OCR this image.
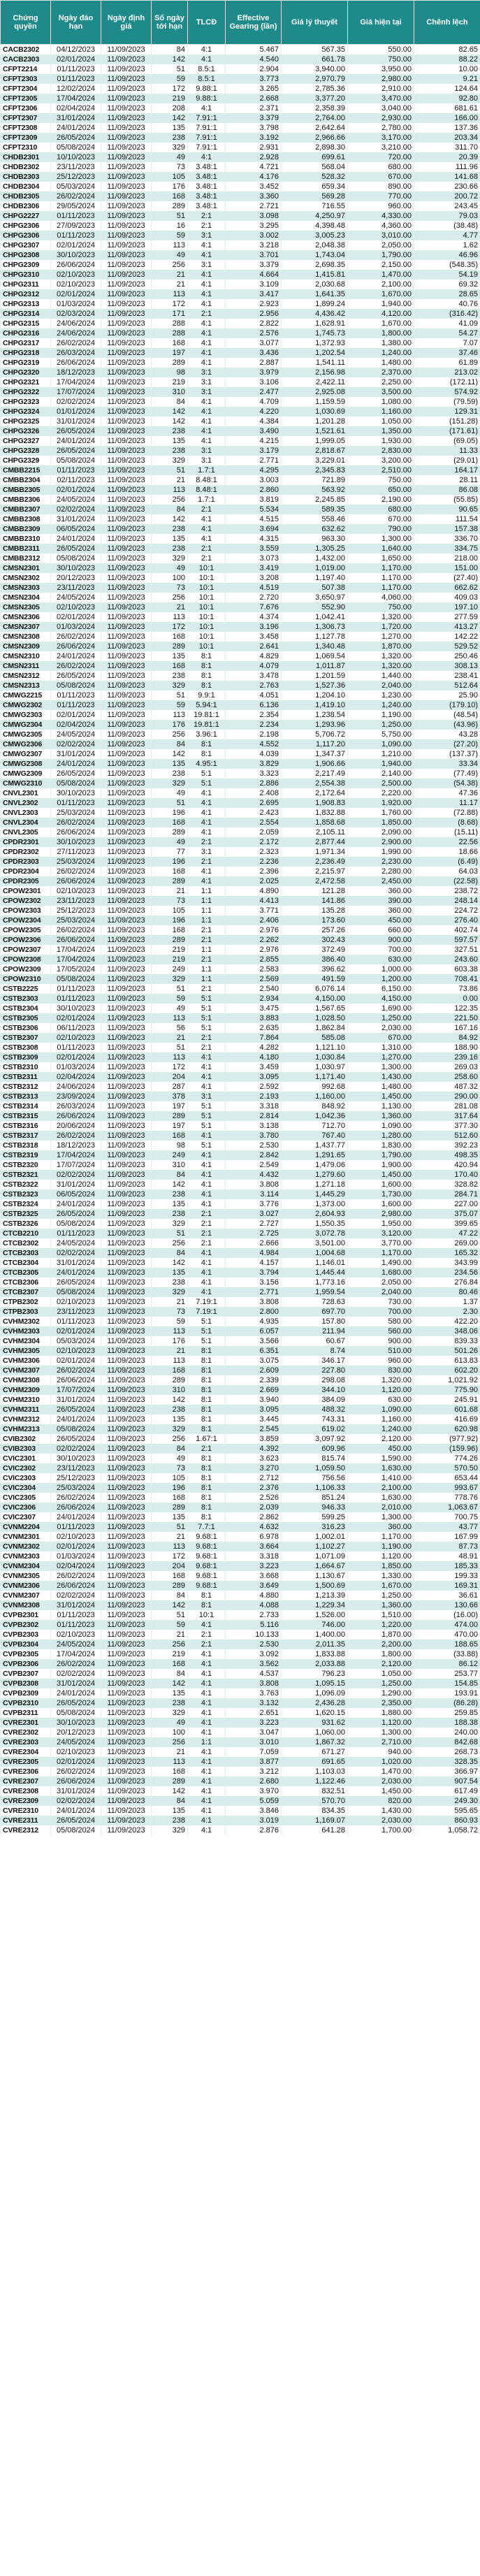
Chứng quyền	Ngày đáo hạn	Ngày định giá	Số ngày tới hạn	TLCĐ	Effective Gearing (lần)	Giá lý thuyết	Giá hiện tại	Chênh lệch
CACB2302	04/12/2023	11/09/2023	84	4:1	5.467	567.35	550.00	82.65
CACB2303	02/01/2024	11/09/2023	142	4:1	4.540	661.78	750.00	88.22
CFPT2214	01/11/2023	11/09/2023	51	8.5:1	2.904	3,940.00	3,950.00	10.00
CFPT2303	01/11/2023	11/09/2023	59	8.5:1	3.773	2,970.79	2,980.00	9.21
CFPT2304	12/02/2024	11/09/2023	172	9.88:1	3.265	2,785.36	2,910.00	124.64
CFPT2305	17/04/2024	11/09/2023	219	9.88:1	2.668	3,377.20	3,470.00	92.80
CFPT2306	02/04/2024	11/09/2023	208	4:1	2.371	2,358.39	3,040.00	681.61
CFPT2307	31/01/2024	11/09/2023	142	7.91:1	3.379	2,764.00	2,930.00	166.00
CFPT2308	24/01/2024	11/09/2023	135	7.91:1	3.798	2,642.64	2,780.00	137.36
CFPT2309	26/05/2024	11/09/2023	238	7.91:1	3.192	2,966.66	3,170.00	203.34
CFPT2310	05/08/2024	11/09/2023	329	7.91:1	2.931	2,898.30	3,210.00	311.70
CHDB2301	10/10/2023	11/09/2023	49	4:1	2.928	699.61	720.00	20.39
CHDB2302	23/11/2023	11/09/2023	73	3.48:1	4.721	568.04	680.00	111.96
CHDB2303	25/12/2023	11/09/2023	105	3.48:1	4.176	528.32	670.00	141.68
CHDB2304	05/03/2024	11/09/2023	176	3.48:1	3.452	659.34	890.00	230.66
CHDB2305	26/02/2024	11/09/2023	168	3.48:1	3.360	569.28	770.00	200.72
CHDB2306	29/05/2024	11/09/2023	289	3.48:1	2.721	716.55	960.00	243.45
CHPG2227	01/11/2023	11/09/2023	51	2:1	3.098	4,250.97	4,330.00	79.03
CHPG2306	27/09/2023	11/09/2023	16	2:1	3.295	4,398.48	4,360.00	(38.48)
CHPG2306	01/11/2023	11/09/2023	59	3:1	3.002	3,005.23	3,010.00	4.77
CHPG2307	02/01/2024	11/09/2023	113	4:1	3.218	2,048.38	2,050.00	1.62
CHPG2308	30/10/2023	11/09/2023	49	4:1	3.701	1,743.04	1,790.00	46.96
CHPG2309	26/06/2024	11/09/2023	256	3:1	3.379	2,698.35	2,150.00	(548.35)
CHPG2310	02/10/2023	11/09/2023	21	4:1	4.664	1,415.81	1,470.00	54.19
CHPG2311	02/10/2023	11/09/2023	21	4:1	3.109	2,030.68	2,100.00	69.32
CHPG2312	02/01/2024	11/09/2023	113	4:1	3.417	1,641.35	1,670.00	28.65
CHPG2313	01/03/2024	11/09/2023	172	4:1	2.923	1,899.24	1,940.00	40.76
CHPG2314	02/03/2024	11/09/2023	171	2:1	2.956	4,436.42	4,120.00	(316.42)
CHPG2315	24/06/2024	11/09/2023	288	4:1	2.822	1,628.91	1,670.00	41.09
CHPG2316	24/06/2024	11/09/2023	288	4:1	2.576	1,745.73	1,800.00	54.27
CHPG2317	26/02/2024	11/09/2023	168	4:1	3.077	1,372.93	1,380.00	7.07
CHPG2318	26/03/2024	11/09/2023	197	4:1	3.436	1,202.54	1,240.00	37.46
CHPG2319	26/06/2024	11/09/2023	289	4:1	2.887	1,541.11	1,480.00	61.89
CHPG2320	18/12/2023	11/09/2023	98	3:1	3.979	2,156.98	2,370.00	213.02
CHPG2321	17/04/2024	11/09/2023	219	3:1	3.106	2,422.11	2,250.00	(172.11)
CHPG2322	17/07/2024	11/09/2023	310	3:1	2.477	2,925.08	3,500.00	574.92
CHPG2323	02/02/2024	11/09/2023	84	4:1	4.709	1,159.59	1,080.00	(79.59)
CHPG2324	01/01/2024	11/09/2023	142	4:1	4.220	1,030.69	1,160.00	129.31
CHPG2325	31/01/2024	11/09/2023	142	4:1	4.384	1,201.28	1,050.00	(151.28)
CHPG2326	26/05/2024	11/09/2023	238	4:1	3.490	1,521.61	1,350.00	(171.61)
CHPG2327	24/01/2024	11/09/2023	135	4:1	4.215	1,999.05	1,930.00	(69.05)
CHPG2328	26/05/2024	11/09/2023	238	3:1	3.179	2,818.67	2,830.00	11.33
CHPG2329	05/08/2024	11/09/2023	329	3:1	2.771	3,229.01	3,200.00	(29.01)
CMBB2215	01/11/2023	11/09/2023	51	1.7:1	4.295	2,345.83	2,510.00	164.17
CMBB2304	02/11/2023	11/09/2023	21	8.48:1	3.003	721.89	750.00	28.11
CMBB2305	02/01/2024	11/09/2023	113	8.48:1	2.860	563.92	650.00	86.08
CMBB2306	24/05/2024	11/09/2023	256	1.7:1	3.819	2,245.85	2,190.00	(55.85)
CMBB2307	02/02/2024	11/09/2023	84	2:1	5.534	589.35	680.00	90.65
CMBB2308	31/01/2024	11/09/2023	142	4:1	4.515	558.46	670.00	111.54
CMBB2309	06/05/2024	11/09/2023	238	4:1	3.694	632.62	790.00	157.38
CMBB2310	24/01/2024	11/09/2023	135	4:1	4.315	963.30	1,300.00	336.70
CMBB2311	26/05/2024	11/09/2023	238	2:1	3.559	1,305.25	1,640.00	334.75
CMBB2312	05/08/2024	11/09/2023	329	2:1	3.073	1,432.00	1,650.00	218.00
CMSN2301	30/10/2023	11/09/2023	49	10:1	3.419	1,019.00	1,170.00	151.00
CMSN2302	20/12/2023	11/09/2023	100	10:1	3.208	1,197.40	1,170.00	(27.40)
CMSN2303	23/11/2023	11/09/2023	73	10:1	4.519	507.38	1,170.00	662.62
CMSN2304	24/05/2024	11/09/2023	256	10:1	2.720	3,650.97	4,060.00	409.03
CMSN2305	02/10/2023	11/09/2023	21	10:1	7.676	552.90	750.00	197.10
CMSN2306	02/01/2024	11/09/2023	113	10:1	4.374	1,042.41	1,320.00	277.59
CMSN2307	01/03/2024	11/09/2023	172	10:1	3.196	1,306.73	1,720.00	413.27
CMSN2308	26/02/2024	11/09/2023	168	10:1	3.458	1,127.78	1,270.00	142.22
CMSN2309	26/06/2024	11/09/2023	289	10:1	2.641	1,340.48	1,870.00	529.52
CMSN2310	24/01/2024	11/09/2023	135	8:1	4.829	1,069.54	1,320.00	250.46
CMSN2311	26/02/2024	11/09/2023	168	8:1	4.079	1,011.87	1,320.00	308.13
CMSN2312	26/05/2024	11/09/2023	238	8:1	3.478	1,201.59	1,440.00	238.41
CMSN2313	05/08/2024	11/09/2023	329	8:1	2.763	1,527.36	2,040.00	512.64
CMWG2215	01/11/2023	11/09/2023	51	9.9:1	4.051	1,204.10	1,230.00	25.90
CMWG2302	01/11/2023	11/09/2023	59	5.94:1	6.136	1,419.10	1,240.00	(179.10)
CMWG2303	02/01/2024	11/09/2023	113	19.81:1	2.354	1,238.54	1,190.00	(48.54)
CMWG2304	02/04/2024	11/09/2023	176	19.81:1	2.234	1,293.96	1,250.00	(43.96)
CMWG2305	24/05/2024	11/09/2023	256	3.96:1	2.198	5,706.72	5,750.00	43.28
CMWG2306	02/02/2024	11/09/2023	84	8:1	4.552	1,117.20	1,090.00	(27.20)
CMWG2307	31/01/2024	11/09/2023	142	8:1	4.039	1,347.37	1,210.00	(137.37)
CMWG2308	24/01/2024	11/09/2023	135	4.95:1	3.829	1,906.66	1,940.00	33.34
CMWG2309	26/05/2024	11/09/2023	238	5:1	3.323	2,217.49	2,140.00	(77.49)
CMWG2310	05/08/2024	11/09/2023	329	5:1	2.886	2,554.38	2,500.00	(54.38)
CNVL2301	30/10/2023	11/09/2023	49	4:1	2.408	2,172.64	2,220.00	47.36
CNVL2302	01/11/2023	11/09/2023	51	4:1	2.695	1,908.83	1,920.00	11.17
CNVL2303	25/03/2024	11/09/2023	196	4:1	2.423	1,832.88	1,760.00	(72.88)
CNVL2304	26/02/2024	11/09/2023	168	4:1	2.554	1,858.68	1,850.00	(8.68)
CNVL2305	26/06/2024	11/09/2023	289	4:1	2.059	2,105.11	2,090.00	(15.11)
CPDR2301	30/10/2023	11/09/2023	49	2:1	2.172	2,877.44	2,900.00	22.56
CPDR2302	27/11/2023	11/09/2023	77	3:1	2.323	1,971.34	1,990.00	18.66
CPDR2303	25/03/2024	11/09/2023	196	2:1	2.236	2,236.49	2,230.00	(6.49)
CPDR2304	26/02/2024	11/09/2023	168	4:1	2.396	2,215.97	2,280.00	64.03
CPDR2305	26/06/2024	11/09/2023	289	4:1	2.025	2,472.58	2,450.00	(22.58)
CPOW2301	02/10/2023	11/09/2023	21	1:1	4.890	121.28	360.00	238.72
CPOW2302	23/11/2023	11/09/2023	73	1:1	4.413	141.86	390.00	248.14
CPOW2303	25/12/2023	11/09/2023	105	1:1	3.771	135.28	360.00	224.72
CPOW2304	25/03/2024	11/09/2023	196	1:1	2.406	173.60	450.00	276.40
CPOW2305	26/02/2024	11/09/2023	168	2:1	2.976	257.26	660.00	402.74
CPOW2306	26/06/2024	11/09/2023	289	2:1	2.262	302.43	900.00	597.57
CPOW2307	17/04/2024	11/09/2023	219	1:1	2.976	372.49	700.00	327.51
CPOW2308	17/04/2024	11/09/2023	219	2:1	2.855	386.40	630.00	243.60
CPOW2309	17/05/2024	11/09/2023	249	1:1	2.583	396.62	1,000.00	603.38
CPOW2310	05/08/2024	11/09/2023	329	1:1	2.569	491.59	1,200.00	708.41
CSTB2225	01/11/2023	11/09/2023	51	2:1	2.540	6,076.14	6,150.00	73.86
CSTB2303	01/11/2023	11/09/2023	59	5:1	2.934	4,150.00	4,150.00	0.00
CSTB2304	30/10/2023	11/09/2023	49	5:1	3.475	1,567.65	1,690.00	122.35
CSTB2305	02/01/2024	11/09/2023	113	5:1	3.883	1,028.50	1,250.00	221.50
CSTB2306	06/11/2023	11/09/2023	56	5:1	2.635	1,862.84	2,030.00	167.16
CSTB2307	02/10/2023	11/09/2023	21	2:1	7.864	585.08	670.00	84.92
CSTB2308	01/11/2023	11/09/2023	51	2:1	4.282	1,121.10	1,310.00	188.90
CSTB2309	02/01/2024	11/09/2023	113	4:1	4.180	1,030.84	1,270.00	239.16
CSTB2310	01/03/2024	11/09/2023	172	4:1	3.459	1,030.97	1,300.00	269.03
CSTB2311	02/04/2024	11/09/2023	204	4:1	3.095	1,171.40	1,430.00	258.60
CSTB2312	24/06/2024	11/09/2023	287	4:1	2.592	992.68	1,480.00	487.32
CSTB2313	23/09/2024	11/09/2023	378	3:1	2.193	1,160.00	1,450.00	290.00
CSTB2314	26/03/2024	11/09/2023	197	5:1	3.318	848.92	1,130.00	281.08
CSTB2315	26/06/2024	11/09/2023	289	5:1	2.814	1,042.36	1,360.00	317.64
CSTB2316	20/06/2024	11/09/2023	197	5:1	3.138	712.70	1,090.00	377.30
CSTB2317	26/02/2024	11/09/2023	168	4:1	3.780	767.40	1,280.00	512.60
CSTB2318	18/12/2023	11/09/2023	98	5:1	2.530	1,437.77	1,830.00	392.23
CSTB2319	17/04/2024	11/09/2023	249	4:1	2.842	1,291.65	1,790.00	498.35
CSTB2320	17/07/2024	11/09/2023	310	4:1	2.549	1,479.06	1,900.00	420.94
CSTB2321	02/02/2024	11/09/2023	84	4:1	4.432	1,279.60	1,450.00	170.40
CSTB2322	31/01/2024	11/09/2023	142	4:1	3.808	1,271.18	1,600.00	328.82
CSTB2323	06/05/2024	11/09/2023	238	4:1	3.114	1,445.29	1,730.00	284.71
CSTB2324	24/01/2024	11/09/2023	135	4:1	3.776	1,373.00	1,600.00	227.00
CSTB2325	26/05/2024	11/09/2023	238	2:1	3.027	2,604.93	2,980.00	375.07
CSTB2326	05/08/2024	11/09/2023	329	2:1	2.727	1,550.35	1,950.00	399.65
CTCB2210	01/11/2023	11/09/2023	51	2:1	2.725	3,072.78	3,120.00	47.22
CTCB2302	24/05/2024	11/09/2023	256	2:1	2.666	3,501.00	3,770.00	269.00
CTCB2303	02/02/2024	11/09/2023	84	4:1	4.984	1,004.68	1,170.00	165.32
CTCB2304	31/01/2024	11/09/2023	142	4:1	4.157	1,146.01	1,490.00	343.99
CTCB2305	24/01/2024	11/09/2023	135	4:1	3.794	1,445.44	1,680.00	234.56
CTCB2306	26/05/2024	11/09/2023	238	4:1	3.156	1,773.16	2,050.00	276.84
CTCB2307	05/08/2024	11/09/2023	329	4:1	2.771	1,959.54	2,040.00	80.46
CTPB2302	02/10/2023	11/09/2023	21	7.19:1	3.808	728.63	730.00	1.37
CTPB2303	23/11/2023	11/09/2023	73	7.19:1	2.800	697.70	700.00	2.30
CVHM2302	01/11/2023	11/09/2023	59	5:1	4.935	157.80	580.00	422.20
CVHM2303	02/01/2024	11/09/2023	113	5:1	6.057	211.94	560.00	348.06
CVHM2304	05/03/2024	11/09/2023	176	5:1	3.566	60.67	900.00	839.33
CVHM2305	02/10/2023	11/09/2023	21	8:1	6.351	8.74	510.00	501.26
CVHM2306	02/01/2024	11/09/2023	113	8:1	3.075	346.17	960.00	613.83
CVHM2307	26/02/2024	11/09/2023	168	8:1	2.609	227.80	830.00	602.20
CVHM2308	26/06/2024	11/09/2023	289	8:1	2.339	298.08	1,320.00	1,021.92
CVHM2309	17/07/2024	11/09/2023	310	8:1	2.669	344.10	1,120.00	775.90
CVHM2310	31/01/2024	11/09/2023	142	8:1	3.940	384.09	630.00	245.91
CVHM2311	26/05/2024	11/09/2023	238	8:1	3.095	488.32	1,090.00	601.68
CVHM2312	24/01/2024	11/09/2023	135	8:1	3.445	743.31	1,160.00	416.69
CVHM2313	05/08/2024	11/09/2023	329	8:1	2.545	619.02	1,240.00	620.98
CVIB2302	26/05/2024	11/09/2023	256	1.67:1	3.859	3,097.92	2,120.00	(977.92)
CVIB2303	02/02/2024	11/09/2023	84	2:1	4.392	609.96	450.00	(159.96)
CVIC2301	30/10/2023	11/09/2023	49	8:1	3.623	815.74	1,590.00	774.26
CVIC2302	23/11/2023	11/09/2023	73	8:1	3.270	1,059.50	1,630.00	570.50
CVIC2303	25/12/2023	11/09/2023	105	8:1	2.712	756.56	1,410.00	653.44
CVIC2304	25/03/2024	11/09/2023	196	8:1	2.376	1,106.33	2,100.00	993.67
CVIC2305	26/02/2024	11/09/2023	168	8:1	2.526	851.24	1,630.00	778.76
CVIC2306	26/06/2024	11/09/2023	289	8:1	2.039	946.33	2,010.00	1,063.67
CVIC2307	24/01/2024	11/09/2023	135	8:1	2.862	599.25	1,300.00	700.75
CVNM2204	01/11/2023	11/09/2023	51	7.7:1	4.632	316.23	360.00	43.77
CVNM2301	02/10/2023	11/09/2023	21	9.68:1	6.978	1,002.01	1,170.00	167.99
CVNM2302	02/01/2024	11/09/2023	113	9.68:1	3.664	1,102.27	1,190.00	87.73
CVNM2303	01/03/2024	11/09/2023	172	9.68:1	3.318	1,071.09	1,120.00	48.91
CVNM2304	02/04/2024	11/09/2023	204	9.68:1	3.223	1,664.67	1,850.00	185.33
CVNM2305	26/02/2024	11/09/2023	168	9.68:1	3.668	1,130.67	1,330.00	199.33
CVNM2306	26/06/2024	11/09/2023	289	9.68:1	3.649	1,500.69	1,670.00	169.31
CVNM2307	02/02/2024	11/09/2023	84	8:1	4.880	1,213.39	1,250.00	36.61
CVNM2308	31/01/2024	11/09/2023	142	8:1	4.088	1,229.34	1,360.00	130.66
CVPB2301	01/11/2023	11/09/2023	51	10:1	2.733	1,526.00	1,510.00	(16.00)
CVPB2302	01/11/2023	11/09/2023	59	4:1	5.116	746.00	1,220.00	474.00
CVPB2303	02/10/2023	11/09/2023	21	2:1	10.133	1,400.00	1,870.00	470.00
CVPB2304	24/05/2024	11/09/2023	256	2:1	2.530	2,011.35	2,200.00	188.65
CVPB2305	17/04/2024	11/09/2023	219	4:1	3.092	1,833.88	1,800.00	(33.88)
CVPB2306	26/02/2024	11/09/2023	168	4:1	3.562	2,033.88	2,120.00	86.12
CVPB2307	02/02/2024	11/09/2023	84	4:1	4.537	796.23	1,050.00	253.77
CVPB2308	31/01/2024	11/09/2023	142	4:1	3.808	1,095.15	1,250.00	154.85
CVPB2309	24/01/2024	11/09/2023	135	4:1	3.763	1,096.09	1,290.00	193.91
CVPB2310	26/05/2024	11/09/2023	238	4:1	3.132	2,436.28	2,350.00	(86.28)
CVPB2311	05/08/2024	11/09/2023	329	4:1	2.651	1,620.15	1,880.00	259.85
CVRE2301	30/10/2023	11/09/2023	49	4:1	3.223	931.62	1,120.00	188.38
CVRE2302	20/12/2023	11/09/2023	100	4:1	3.047	1,060.00	1,300.00	240.00
CVRE2303	24/05/2024	11/09/2023	256	1:1	3.010	1,867.32	2,710.00	842.68
CVRE2304	02/10/2023	11/09/2023	21	4:1	7.059	671.27	940.00	268.73
CVRE2305	02/01/2024	11/09/2023	113	4:1	3.877	691.65	1,020.00	328.35
CVRE2306	26/02/2024	11/09/2023	168	4:1	3.212	1,103.03	1,470.00	366.97
CVRE2307	26/06/2024	11/09/2023	289	4:1	2.680	1,122.46	2,030.00	907.54
CVRE2308	31/01/2024	11/09/2023	142	4:1	3.970	832.51	1,450.00	617.49
CVRE2309	02/02/2024	11/09/2023	84	4:1	5.059	570.70	820.00	249.30
CVRE2310	24/01/2024	11/09/2023	135	4:1	3.846	834.35	1,430.00	595.65
CVRE2311	26/05/2024	11/09/2023	238	4:1	3.019	1,169.07	2,030.00	860.93
CVRE2312	05/08/2024	11/09/2023	329	4:1	2.876	641.28	1,700.00	1,058.72
